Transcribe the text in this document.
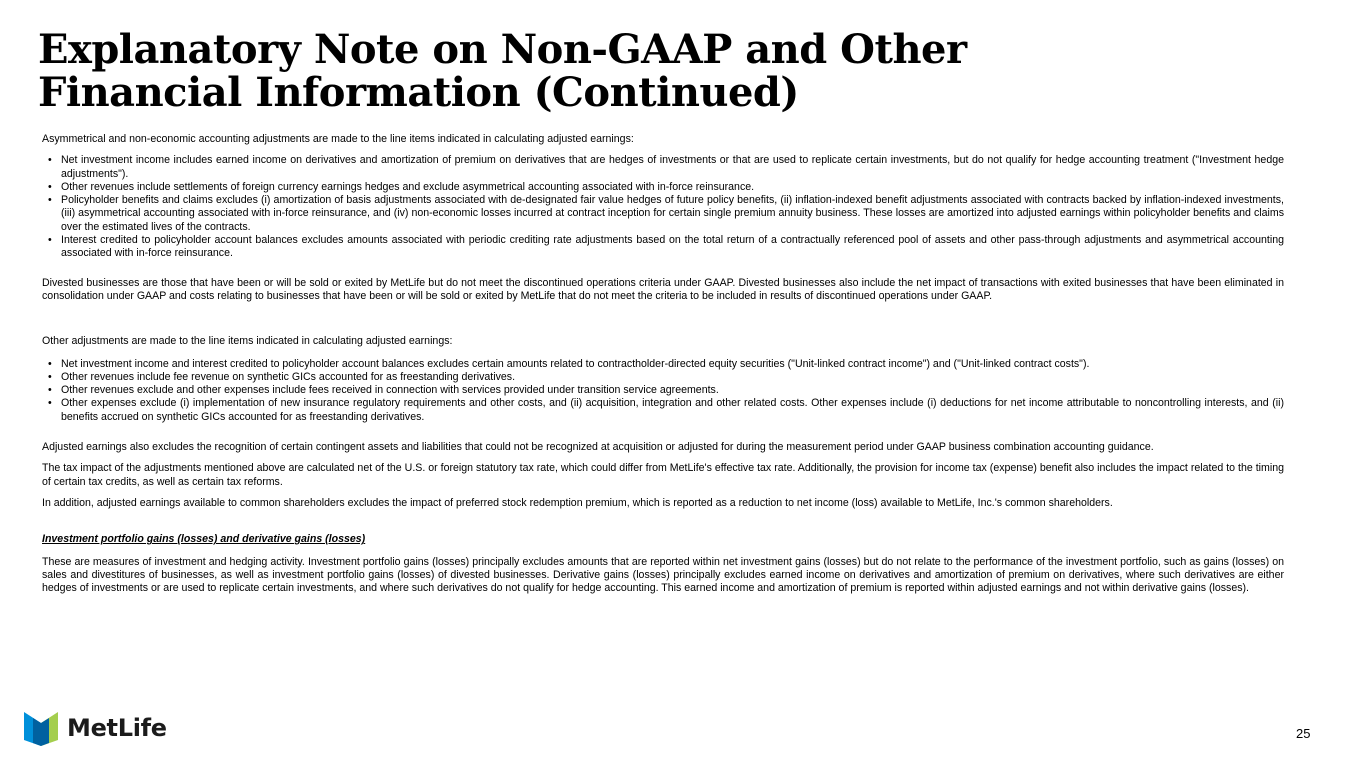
Explanatory Note on Non-GAAP and Other Financial Information (Continued)

Asymmetrical and non-economic accounting adjustments are made to the line items indicated in calculating adjusted earnings:

• Net investment income includes earned income on derivatives and amortization of premium on derivatives that are hedges of investments or that are used to replicate certain investments, but do not qualify for hedge accounting treatment ("Investment hedge adjustments").
• Other revenues include settlements of foreign currency earnings hedges and exclude asymmetrical accounting associated with in-force reinsurance.
• Policyholder benefits and claims excludes (i) amortization of basis adjustments associated with de-designated fair value hedges of future policy benefits, (ii) inflation-indexed benefit adjustments associated with contracts backed by inflation-indexed investments, (iii) asymmetrical accounting associated with in-force reinsurance, and (iv) non-economic losses incurred at contract inception for certain single premium annuity business. These losses are amortized into adjusted earnings within policyholder benefits and claims over the estimated lives of the contracts.
• Interest credited to policyholder account balances excludes amounts associated with periodic crediting rate adjustments based on the total return of a contractually referenced pool of assets and other pass-through adjustments and asymmetrical accounting associated with in-force reinsurance.

Divested businesses are those that have been or will be sold or exited by MetLife but do not meet the discontinued operations criteria under GAAP. Divested businesses also include the net impact of transactions with exited businesses that have been eliminated in consolidation under GAAP and costs relating to businesses that have been or will be sold or exited by MetLife that do not meet the criteria to be included in results of discontinued operations under GAAP.

Other adjustments are made to the line items indicated in calculating adjusted earnings:

• Net investment income and interest credited to policyholder account balances excludes certain amounts related to contractholder-directed equity securities ("Unit-linked contract income") and ("Unit-linked contract costs").
• Other revenues include fee revenue on synthetic GICs accounted for as freestanding derivatives.
• Other revenues exclude and other expenses include fees received in connection with services provided under transition service agreements.
• Other expenses exclude (i) implementation of new insurance regulatory requirements and other costs, and (ii) acquisition, integration and other related costs. Other expenses include (i) deductions for net income attributable to noncontrolling interests, and (ii) benefits accrued on synthetic GICs accounted for as freestanding derivatives.

Adjusted earnings also excludes the recognition of certain contingent assets and liabilities that could not be recognized at acquisition or adjusted for during the measurement period under GAAP business combination accounting guidance.

The tax impact of the adjustments mentioned above are calculated net of the U.S. or foreign statutory tax rate, which could differ from MetLife's effective tax rate. Additionally, the provision for income tax (expense) benefit also includes the impact related to the timing of certain tax credits, as well as certain tax reforms.

In addition, adjusted earnings available to common shareholders excludes the impact of preferred stock redemption premium, which is reported as a reduction to net income (loss) available to MetLife, Inc.'s common shareholders.

Investment portfolio gains (losses) and derivative gains (losses)

These are measures of investment and hedging activity. Investment portfolio gains (losses) principally excludes amounts that are reported within net investment gains (losses) but do not relate to the performance of the investment portfolio, such as gains (losses) on sales and divestitures of businesses, as well as investment portfolio gains (losses) of divested businesses. Derivative gains (losses) principally excludes earned income on derivatives and amortization of premium on derivatives, where such derivatives are either hedges of investments or are used to replicate certain investments, and where such derivatives do not qualify for hedge accounting. This earned income and amortization of premium is reported within adjusted earnings and not within derivative gains (losses).

MetLife	25
